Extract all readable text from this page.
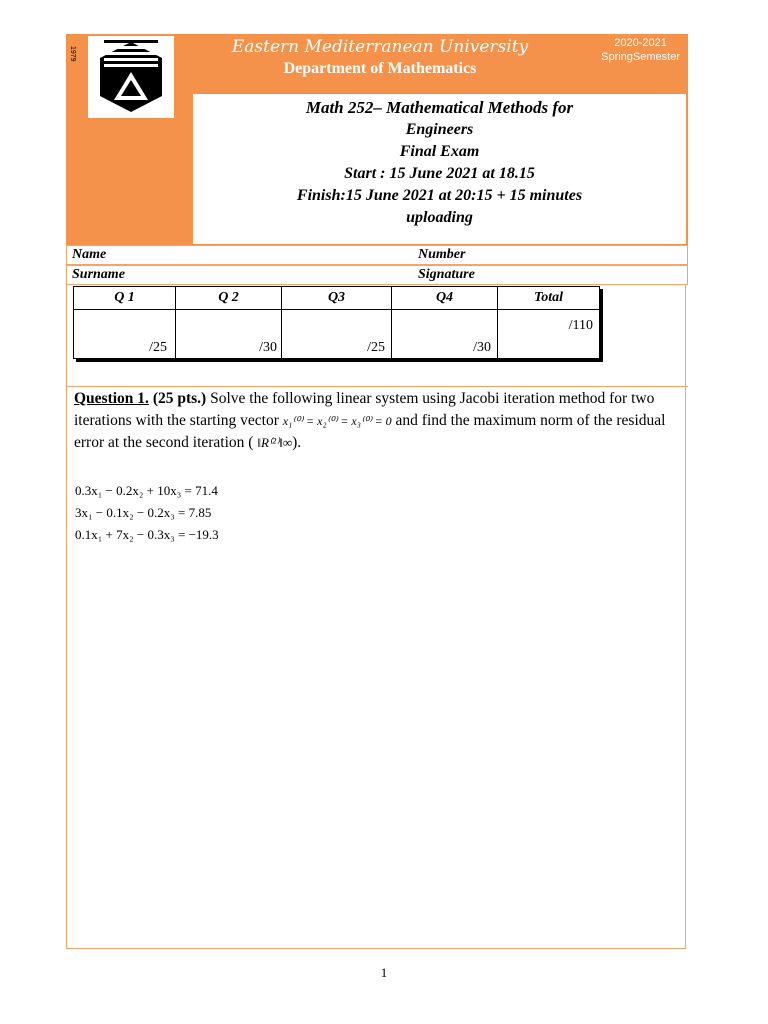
1979	Eastern Mediterranean University
Department of Mathematics
2020-2021
SpringSemester
Math 252– Mathematical Methods for
Engineers
Final Exam
Start : 15 June 2021 at 18.15
Finish:15 June 2021 at 20:15 + 15 minutes
uploading
Name	Number
Surname	Signature
Q 1	Q 2	Q3	Q4	Total
/25	/30	/25	/30	/110
Question 1. (25 pts.) Solve the following linear system using Jacobi iteration method for two iterations with the starting vector x₁⁽⁰⁾ = x₂⁽⁰⁾ = x₃⁽⁰⁾ = 0 and find the maximum norm of the residual error at the second iteration ( ‖R⁽²⁾‖∞).
0.3x₁ − 0.2x₂ + 10x₃ = 71.4
3x₁ − 0.1x₂ − 0.2x₃ = 7.85
0.1x₁ + 7x₂ − 0.3x₃ = −19.3
1
